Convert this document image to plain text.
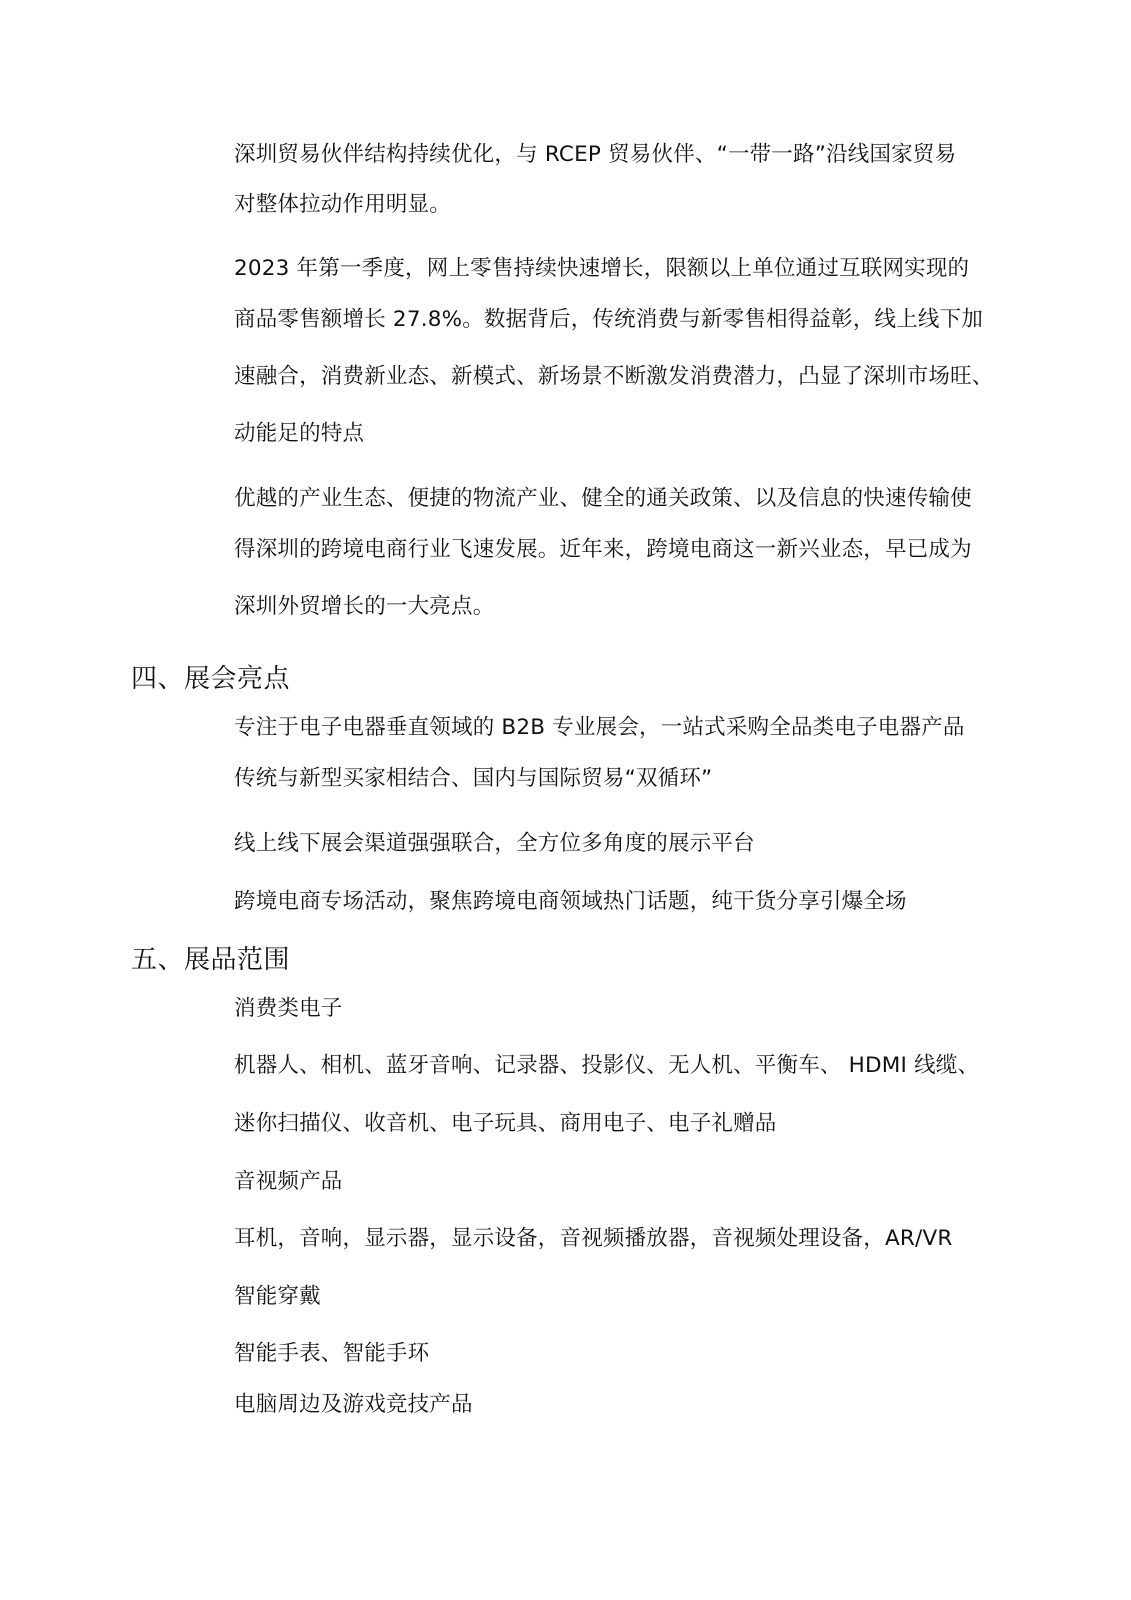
深圳贸易伙伴结构持续优化，与 RCEP 贸易伙伴、“一带一路”沿线国家贸易
对整体拉动作用明显。
2023 年第一季度，网上零售持续快速增长，限额以上单位通过互联网实现的
商品零售额增长 27.8%。数据背后，传统消费与新零售相得益彰，线上线下加
速融合，消费新业态、新模式、新场景不断激发消费潜力，凸显了深圳市场旺、
动能足的特点
优越的产业生态、便捷的物流产业、健全的通关政策、以及信息的快速传输使
得深圳的跨境电商行业飞速发展。近年来，跨境电商这一新兴业态，早已成为
深圳外贸增长的一大亮点。
四、展会亮点
专注于电子电器垂直领域的 B2B 专业展会，一站式采购全品类电子电器产品
传统与新型买家相结合、国内与国际贸易“双循环”
线上线下展会渠道强强联合，全方位多角度的展示平台
跨境电商专场活动，聚焦跨境电商领域热门话题，纯干货分享引爆全场
五、展品范围
消费类电子
机器人、相机、蓝牙音响、记录器、投影仪、无人机、平衡车、 HDMI 线缆、
迷你扫描仪、收音机、电子玩具、商用电子、电子礼赠品
音视频产品
耳机，音响，显示器，显示设备，音视频播放器，音视频处理设备，AR/VR
智能穿戴
智能手表、智能手环
电脑周边及游戏竞技产品
